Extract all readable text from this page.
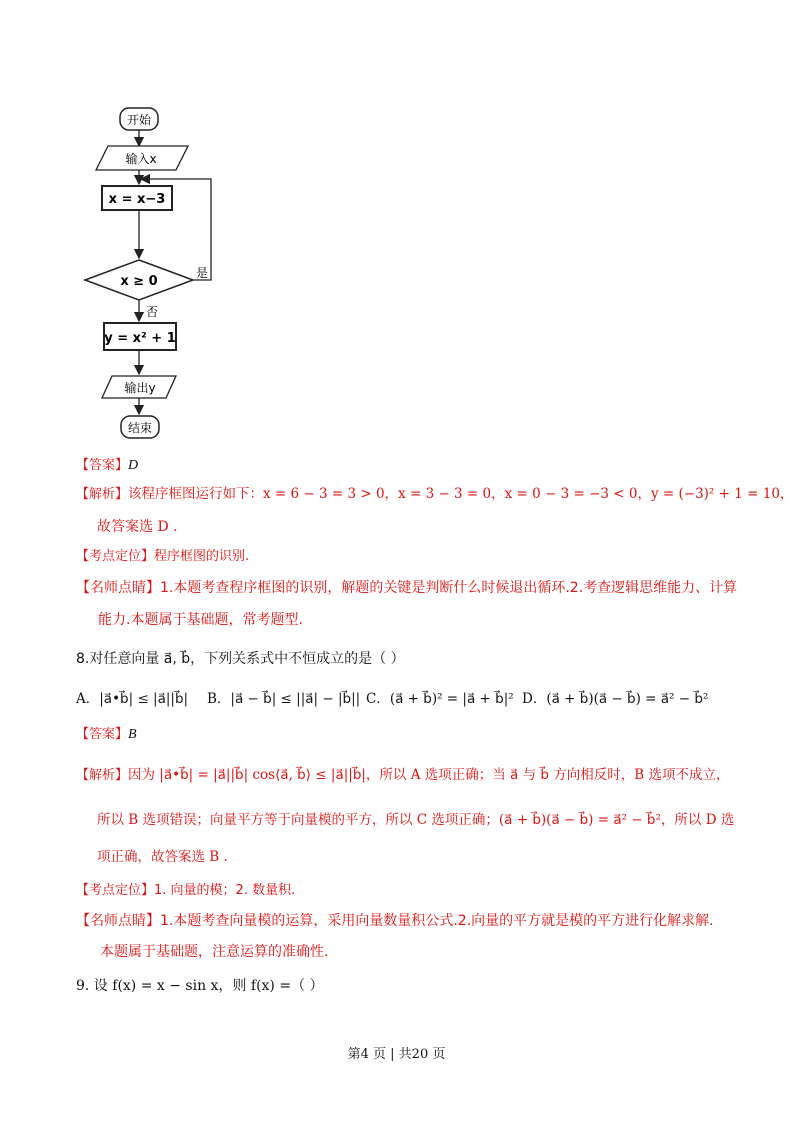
开始
输入x
x = x−3
x ≥ 0
是
否
y = x² + 1
输出y
结束
【答案】D
【解析】该程序框图运行如下：x = 6 − 3 = 3 > 0，x = 3 − 3 = 0，x = 0 − 3 = −3 < 0，y = (−3)² + 1 = 10，
故答案选 D .
【考点定位】程序框图的识别.
【名师点睛】1.本题考查程序框图的识别，解题的关键是判断什么时候退出循环.2.考查逻辑思维能力、计算
能力.本题属于基础题，常考题型.
8.对任意向量 a⃗, b⃗，下列关系式中不恒成立的是（ ）
A．|a⃗•b⃗| ≤ |a⃗||b⃗| B．|a⃗ − b⃗| ≤ ||a⃗| − |b⃗|| C．(a⃗ + b⃗)² = |a⃗ + b⃗|² D．(a⃗ + b⃗)(a⃗ − b⃗) = a⃗² − b⃗²
【答案】B
【解析】因为 |a⃗•b⃗| = |a⃗||b⃗| cos⟨a⃗, b⃗⟩ ≤ |a⃗||b⃗|，所以 A 选项正确；当 a⃗ 与 b⃗ 方向相反时，B 选项不成立，
所以 B 选项错误；向量平方等于向量模的平方，所以 C 选项正确；(a⃗ + b⃗)(a⃗ − b⃗) = a⃗² − b⃗²，所以 D 选
项正确，故答案选 B .
【考点定位】1. 向量的模；2. 数量积.
【名师点睛】1.本题考查向量模的运算，采用向量数量积公式.2.向量的平方就是模的平方进行化解求解.
本题属于基础题，注意运算的准确性.
9. 设 f(x) = x − sin x，则 f(x) =（ ）
第4 页 | 共20 页
